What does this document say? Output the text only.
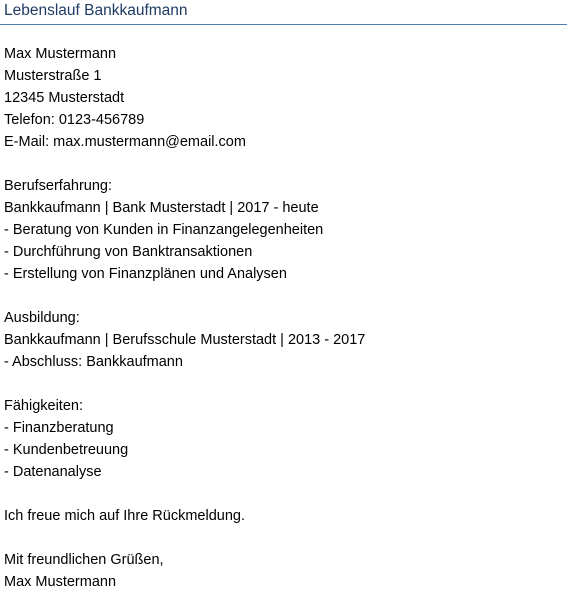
Lebenslauf Bankkaufmann
Max Mustermann
Musterstraße 1
12345 Musterstadt
Telefon: 0123-456789
E-Mail: max.mustermann@email.com
Berufserfahrung:
Bankkaufmann | Bank Musterstadt | 2017 - heute
- Beratung von Kunden in Finanzangelegenheiten
- Durchführung von Banktransaktionen
- Erstellung von Finanzplänen und Analysen
Ausbildung:
Bankkaufmann | Berufsschule Musterstadt | 2013 - 2017
- Abschluss: Bankkaufmann
Fähigkeiten:
- Finanzberatung
- Kundenbetreuung
- Datenanalyse
Ich freue mich auf Ihre Rückmeldung.
Mit freundlichen Grüßen,
Max Mustermann
